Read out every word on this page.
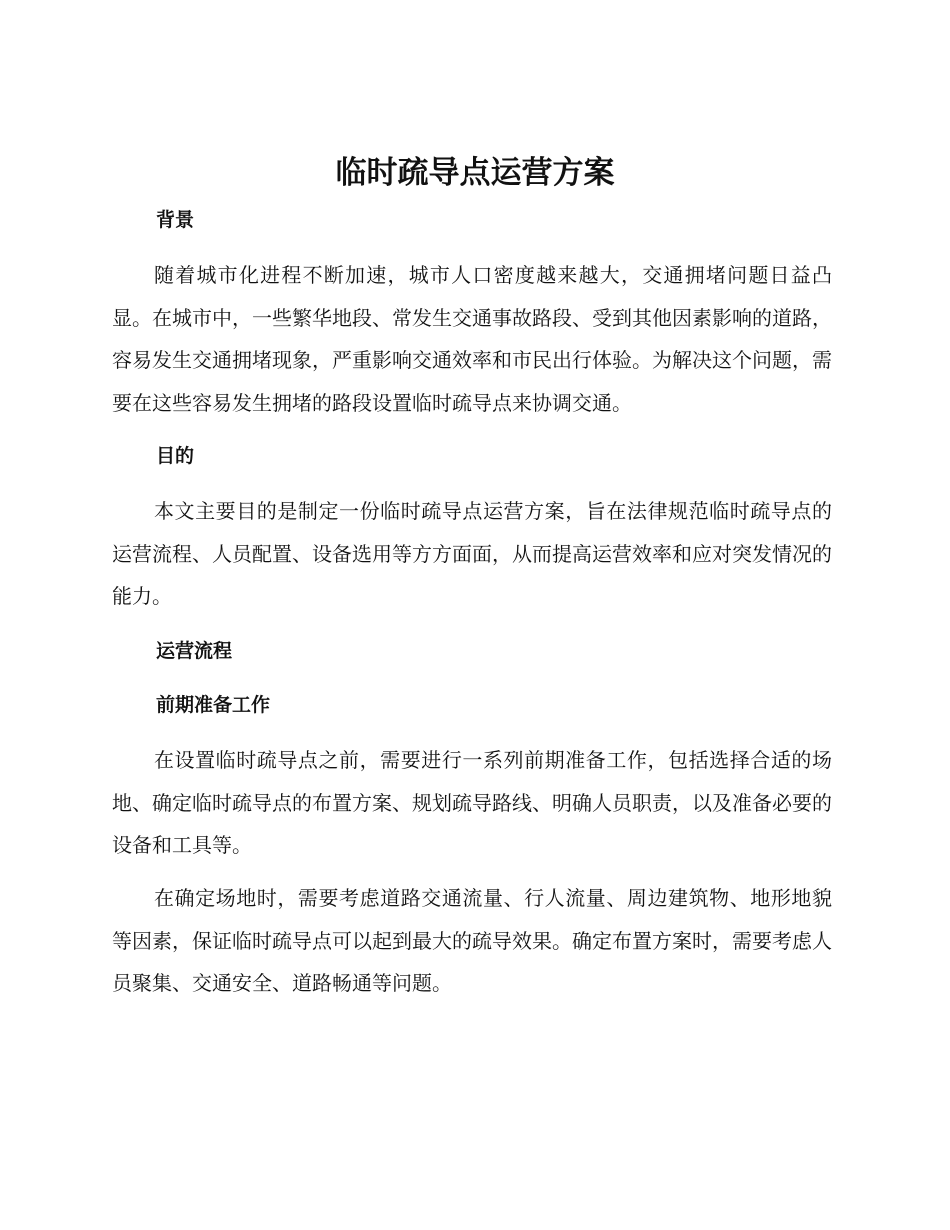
临时疏导点运营方案
背景

随着城市化进程不断加速，城市人口密度越来越大，交通拥堵问题日益凸显。在城市中，一些繁华地段、常发生交通事故路段、受到其他因素影响的道路，容易发生交通拥堵现象，严重影响交通效率和市民出行体验。为解决这个问题，需要在这些容易发生拥堵的路段设置临时疏导点来协调交通。

目的

本文主要目的是制定一份临时疏导点运营方案，旨在法律规范临时疏导点的运营流程、人员配置、设备选用等方方面面，从而提高运营效率和应对突发情况的能力。

运营流程
前期准备工作

在设置临时疏导点之前，需要进行一系列前期准备工作，包括选择合适的场地、确定临时疏导点的布置方案、规划疏导路线、明确人员职责，以及准备必要的设备和工具等。

在确定场地时，需要考虑道路交通流量、行人流量、周边建筑物、地形地貌等因素，保证临时疏导点可以起到最大的疏导效果。确定布置方案时，需要考虑人员聚集、交通安全、道路畅通等问题。
